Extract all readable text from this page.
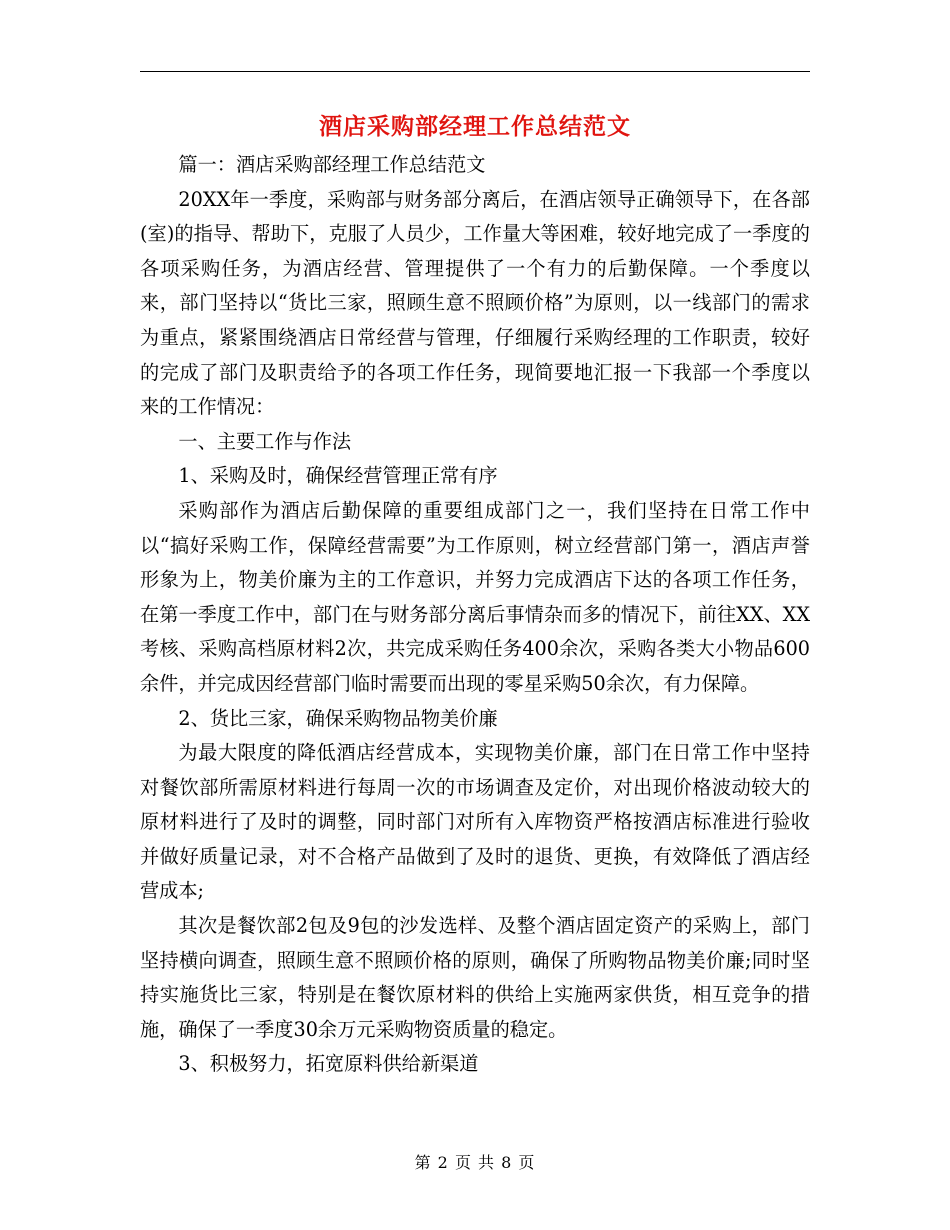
酒店采购部经理工作总结范文

篇一：酒店采购部经理工作总结范文

20XX年一季度，采购部与财务部分离后，在酒店领导正确领导下，在各部(室)的指导、帮助下，克服了人员少，工作量大等困难，较好地完成了一季度的各项采购任务，为酒店经营、管理提供了一个有力的后勤保障。一个季度以来，部门坚持以“货比三家，照顾生意不照顾价格”为原则，以一线部门的需求为重点，紧紧围绕酒店日常经营与管理，仔细履行采购经理的工作职责，较好的完成了部门及职责给予的各项工作任务，现简要地汇报一下我部一个季度以来的工作情况：

一、主要工作与作法

1、采购及时，确保经营管理正常有序

采购部作为酒店后勤保障的重要组成部门之一，我们坚持在日常工作中以“搞好采购工作，保障经营需要”为工作原则，树立经营部门第一，酒店声誉形象为上，物美价廉为主的工作意识，并努力完成酒店下达的各项工作任务，在第一季度工作中，部门在与财务部分离后事情杂而多的情况下，前往XX、XX考核、采购高档原材料2次，共完成采购任务400余次，采购各类大小物品600余件，并完成因经营部门临时需要而出现的零星采购50余次，有力保障。

2、货比三家，确保采购物品物美价廉

为最大限度的降低酒店经营成本，实现物美价廉，部门在日常工作中坚持对餐饮部所需原材料进行每周一次的市场调查及定价，对出现价格波动较大的原材料进行了及时的调整，同时部门对所有入库物资严格按酒店标准进行验收并做好质量记录，对不合格产品做到了及时的退货、更换，有效降低了酒店经营成本;

其次是餐饮部2包及9包的沙发选样、及整个酒店固定资产的采购上，部门坚持横向调查，照顾生意不照顾价格的原则，确保了所购物品物美价廉;同时坚持实施货比三家，特别是在餐饮原材料的供给上实施两家供货，相互竞争的措施，确保了一季度30余万元采购物资质量的稳定。

3、积极努力，拓宽原料供给新渠道

第 2 页 共 8 页
